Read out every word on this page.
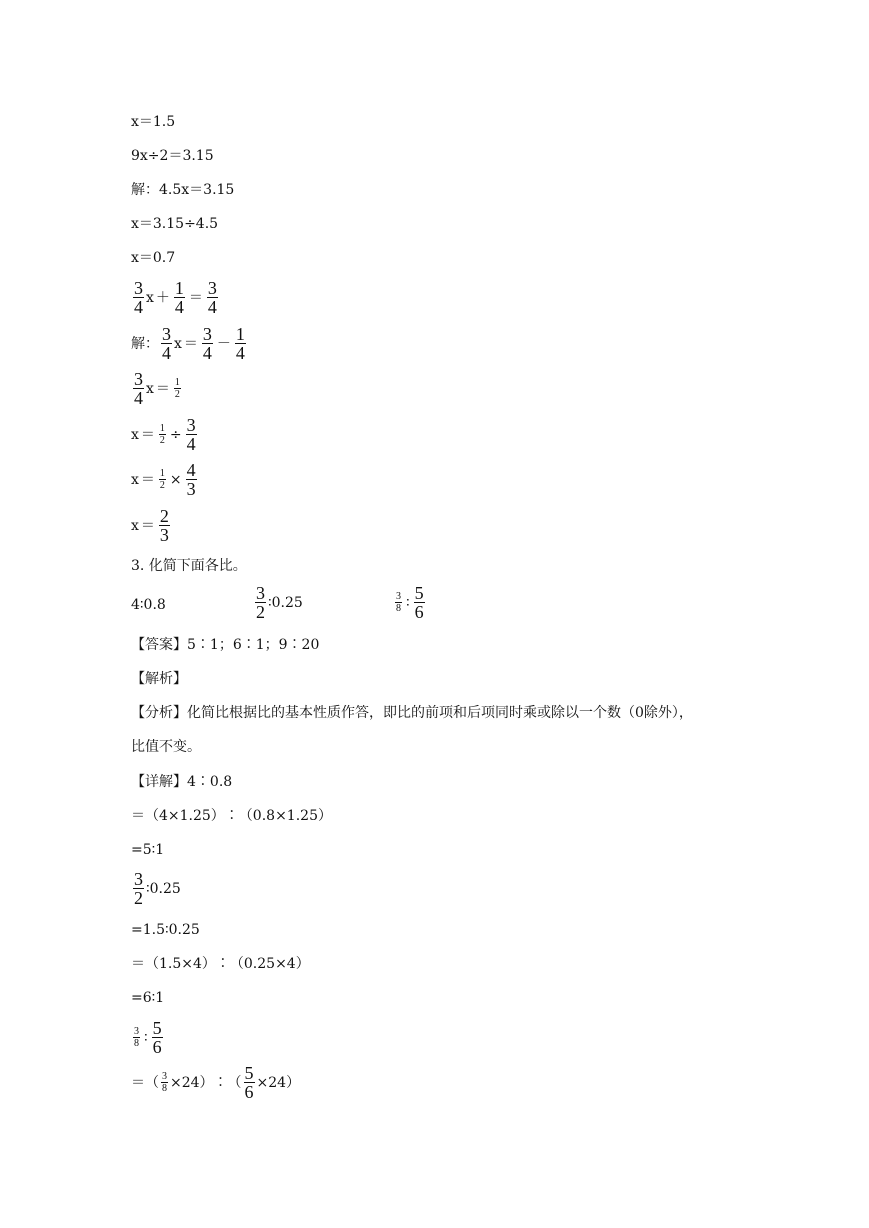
x＝1.5
9x÷2＝3.15
解：4.5x＝3.15
x＝3.15÷4.5
x＝0.7
$\frac{3}{4}$ $x + \frac{1}{4} = \frac{3}{4}$
解： $\frac{3}{4}$ $x = \frac{3}{4} - \frac{1}{4}$
$\frac{3}{4}$ $x = \frac{1}{2}$
$x = \frac{1}{2} \div \frac{3}{4}$
$x = \frac{1}{2} \times \frac{4}{3}$
$x = \frac{2}{3}$
3. 化简下面各比。
4∶0.8	$\frac{3}{2}$ ∶0.25	$\frac{3}{8}$ ∶ $\frac{5}{6}$
【答案】5∶1；6∶1；9∶20
【解析】
【分析】化简比根据比的基本性质作答，即比的前项和后项同时乘或除以一个数（0除外），
比值不变。
【详解】4∶0.8
＝（4×1.25）∶（0.8×1.25）
=5∶1
$\frac{3}{2}$ ∶0.25
=1.5∶0.25
＝（1.5×4）∶（0.25×4）
=6∶1
$\frac{3}{8}$ ∶ $\frac{5}{6}$
＝（ $\frac{3}{8}$ ×24）∶（ $\frac{5}{6} \times 24$）
